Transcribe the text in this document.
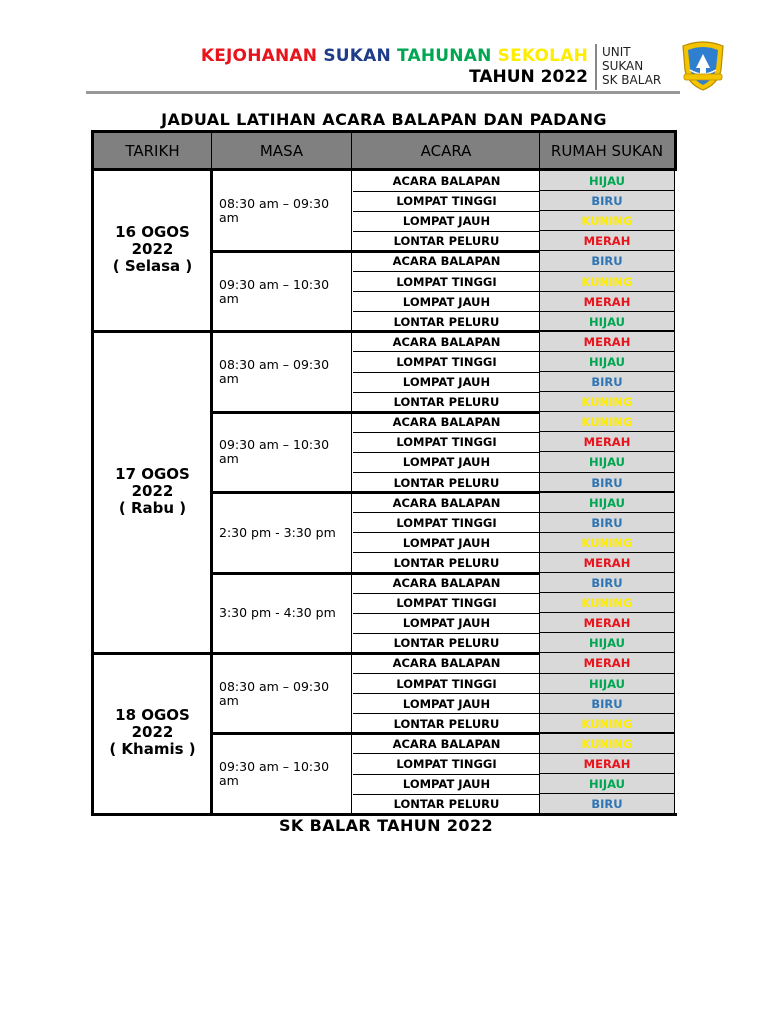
KEJOHANAN SUKAN TAHUNAN SEKOLAH
TAHUN 2022
UNIT
SUKAN
SK BALAR
JADUAL LATIHAN ACARA BALAPAN DAN PADANG
TARIKH	MASA	ACARA	RUMAH SUKAN
16 OGOS
2022
( Selasa )
08:30 am – 09:30 am
ACARA BALAPAN	HIJAU
LOMPAT TINGGI	BIRU
LOMPAT JAUH	KUNING
LONTAR PELURU	MERAH
09:30 am – 10:30 am
ACARA BALAPAN	BIRU
LOMPAT TINGGI	KUNING
LOMPAT JAUH	MERAH
LONTAR PELURU	HIJAU
17 OGOS
2022
( Rabu )
08:30 am – 09:30 am
ACARA BALAPAN	MERAH
LOMPAT TINGGI	HIJAU
LOMPAT JAUH	BIRU
LONTAR PELURU	KUNING
09:30 am – 10:30 am
ACARA BALAPAN	KUNING
LOMPAT TINGGI	MERAH
LOMPAT JAUH	HIJAU
LONTAR PELURU	BIRU
2:30 pm - 3:30 pm
ACARA BALAPAN	HIJAU
LOMPAT TINGGI	BIRU
LOMPAT JAUH	KUNING
LONTAR PELURU	MERAH
3:30 pm - 4:30 pm
ACARA BALAPAN	BIRU
LOMPAT TINGGI	KUNING
LOMPAT JAUH	MERAH
LONTAR PELURU	HIJAU
18 OGOS
2022
( Khamis )
08:30 am – 09:30 am
ACARA BALAPAN	MERAH
LOMPAT TINGGI	HIJAU
LOMPAT JAUH	BIRU
LONTAR PELURU	KUNING
09:30 am – 10:30 am
ACARA BALAPAN	KUNING
LOMPAT TINGGI	MERAH
LOMPAT JAUH	HIJAU
LONTAR PELURU	BIRU
SK BALAR TAHUN 2022
